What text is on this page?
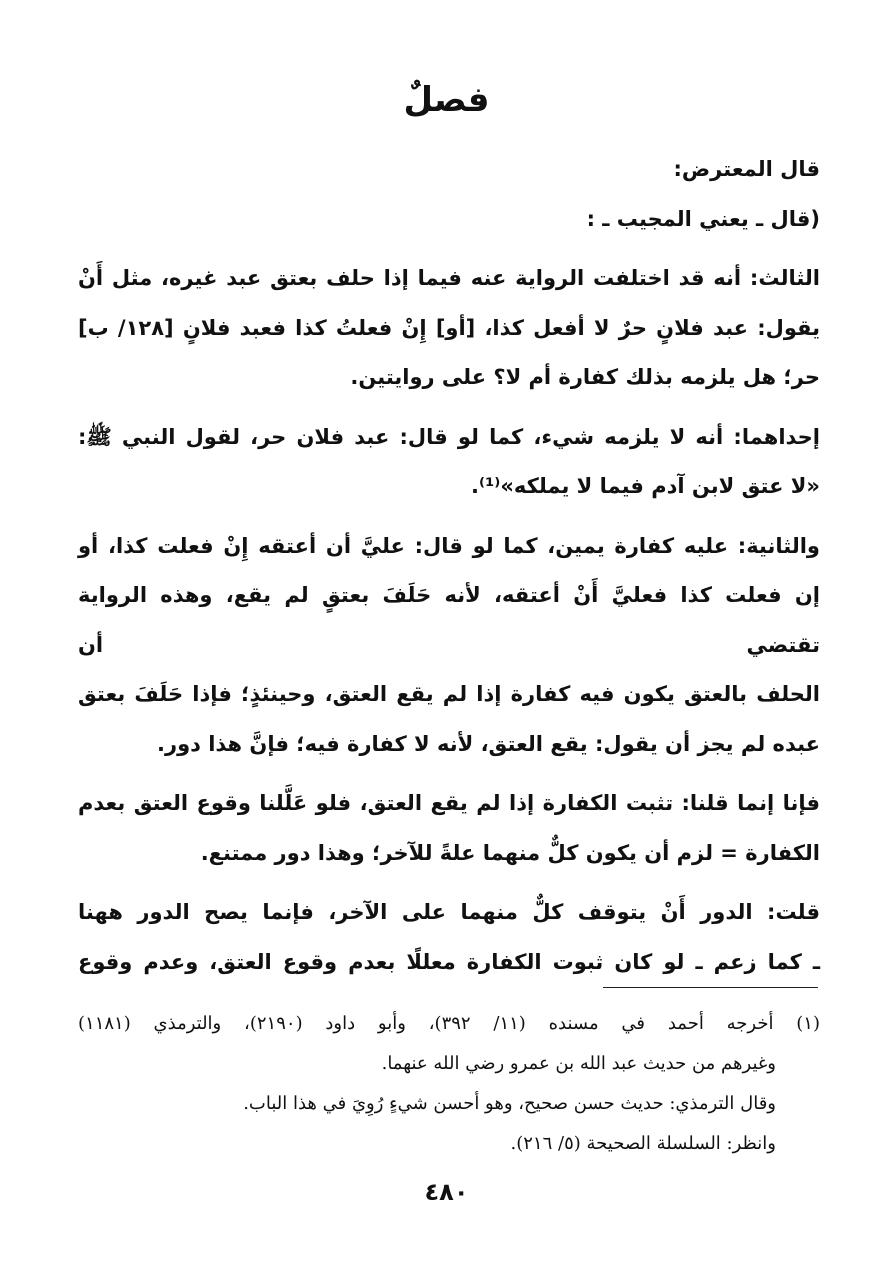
فصلٌ
قال المعترض:
(قال ـ يعني المجيب ـ :
الثالث: أنه قد اختلفت الرواية عنه فيما إذا حلف بعتق عبد غيره، مثل أَنْ
يقول: عبد فلانٍ حرٌ لا أفعل كذا، [أو] إِنْ فعلتُ كذا فعبد فلانٍ [١٢٨/ ب]
حر؛ هل يلزمه بذلك كفارة أم لا؟ على روايتين.
إحداهما: أنه لا يلزمه شيء، كما لو قال: عبد فلان حر، لقول النبي ﷺ:
«لا عتق لابن آدم فيما لا يملكه»⁽¹⁾.
والثانية: عليه كفارة يمين، كما لو قال: عليَّ أن أعتقه إِنْ فعلت كذا، أو
إن فعلت كذا فعليَّ أَنْ أعتقه، لأنه حَلَفَ بعتقٍ لم يقع، وهذه الرواية تقتضي أن
الحلف بالعتق يكون فيه كفارة إذا لم يقع العتق، وحينئذٍ؛ فإذا حَلَفَ بعتق
عبده لم يجز أن يقول: يقع العتق، لأنه لا كفارة فيه؛ فإنَّ هذا دور.
فإنا إنما قلنا: تثبت الكفارة إذا لم يقع العتق، فلو عَلَّلنا وقوع العتق بعدم
الكفارة = لزم أن يكون كلٌّ منهما علةً للآخر؛ وهذا دور ممتنع.
قلت: الدور أَنْ يتوقف كلٌّ منهما على الآخر، فإنما يصح الدور ههنا
ـ كما زعم ـ لو كان ثبوت الكفارة معللًا بعدم وقوع العتق، وعدم وقوع
(١) أخرجه أحمد في مسنده (١١/ ٣٩٢)، وأبو داود (٢١٩٠)، والترمذي (١١٨١)
وغيرهم من حديث عبد الله بن عمرو رضي الله عنهما.
وقال الترمذي: حديث حسن صحيح، وهو أحسن شيءٍ رُوِيَ في هذا الباب.
وانظر: السلسلة الصحيحة (٥/ ٢١٦).
٤٨٠
